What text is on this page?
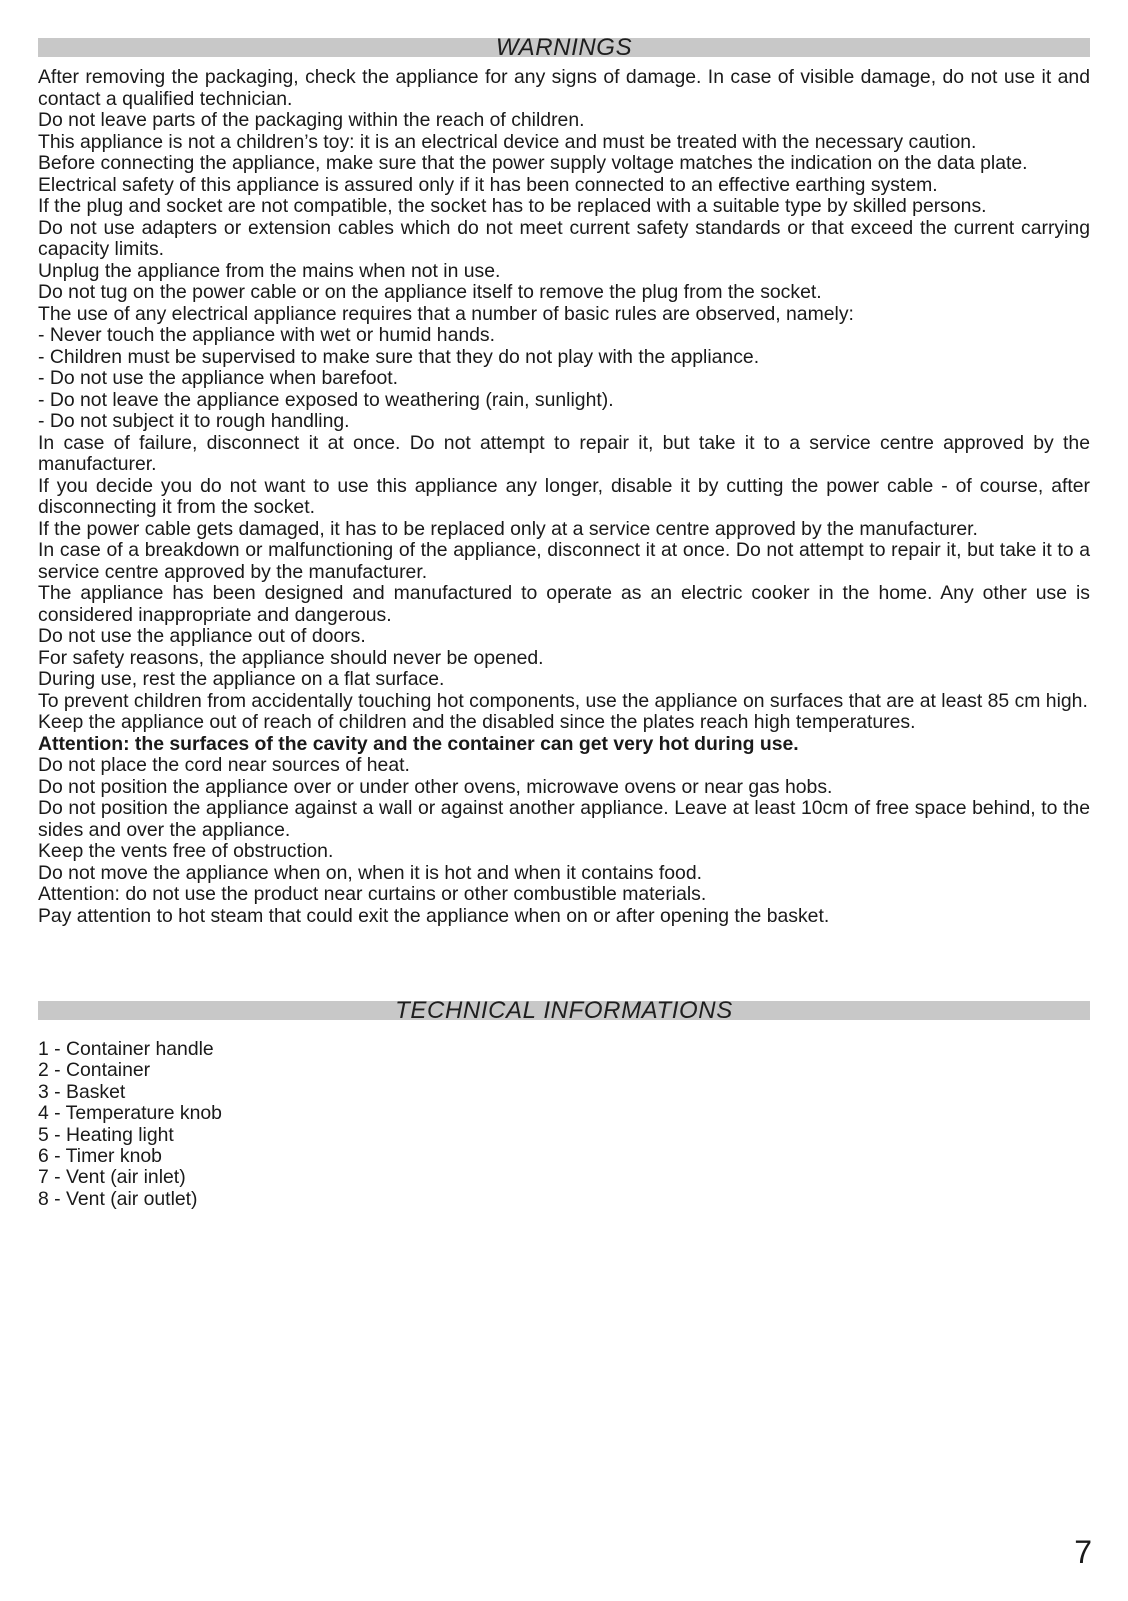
WARNINGS

After removing the packaging, check the appliance for any signs of damage. In case of visible damage, do not use it and contact a qualified technician.

Do not leave parts of the packaging within the reach of children.

This appliance is not a children’s toy: it is an electrical device and must be treated with the necessary caution.

Before connecting the appliance, make sure that the power supply voltage matches the indication on the data plate.

Electrical safety of this appliance is assured only if it has been connected to an effective earthing system.

If the plug and socket are not compatible, the socket has to be replaced with a suitable type by skilled persons.

Do not use adapters or extension cables which do not meet current safety standards or that exceed the current carrying capacity limits.

Unplug the appliance from the mains when not in use.

Do not tug on the power cable or on the appliance itself to remove the plug from the socket.

The use of any electrical appliance requires that a number of basic rules are observed, namely:

- Never touch the appliance with wet or humid hands.

- Children must be supervised to make sure that they do not play with the appliance.

- Do not use the appliance when barefoot.

- Do not leave the appliance exposed to weathering (rain, sunlight).

- Do not subject it to rough handling.

In case of failure, disconnect it at once. Do not attempt to repair it, but take it to a service centre approved by the manufacturer.

If you decide you do not want to use this appliance any longer, disable it by cutting the power cable - of course, after disconnecting it from the socket.

If the power cable gets damaged, it has to be replaced only at a service centre approved by the manufacturer.

In case of a breakdown or malfunctioning of the appliance, disconnect it at once. Do not attempt to repair it, but take it to a service centre approved by the manufacturer.

The appliance has been designed and manufactured to operate as an electric cooker in the home. Any other use is considered inappropriate and dangerous.

Do not use the appliance out of doors.

For safety reasons, the appliance should never be opened.

During use, rest the appliance on a flat surface.

To prevent children from accidentally touching hot components, use the appliance on surfaces that are at least 85 cm high.

Keep the appliance out of reach of children and the disabled since the plates reach high temperatures.

Attention: the surfaces of the cavity and the container can get very hot during use.

Do not place the cord near sources of heat.

Do not position the appliance over or under other ovens, microwave ovens or near gas hobs.

Do not position the appliance against a wall or against another appliance. Leave at least 10cm of free space behind, to the sides and over the appliance.

Keep the vents free of obstruction.

Do not move the appliance when on, when it is hot and when it contains food.

Attention: do not use the product near curtains or other combustible materials.

Pay attention to hot steam that could exit the appliance when on or after opening the basket.

TECHNICAL INFORMATIONS
1 - Container handle
2 - Container
3 - Basket
4 - Temperature knob
5 - Heating light
6 - Timer knob
7 - Vent (air inlet)
8 - Vent (air outlet)
7
